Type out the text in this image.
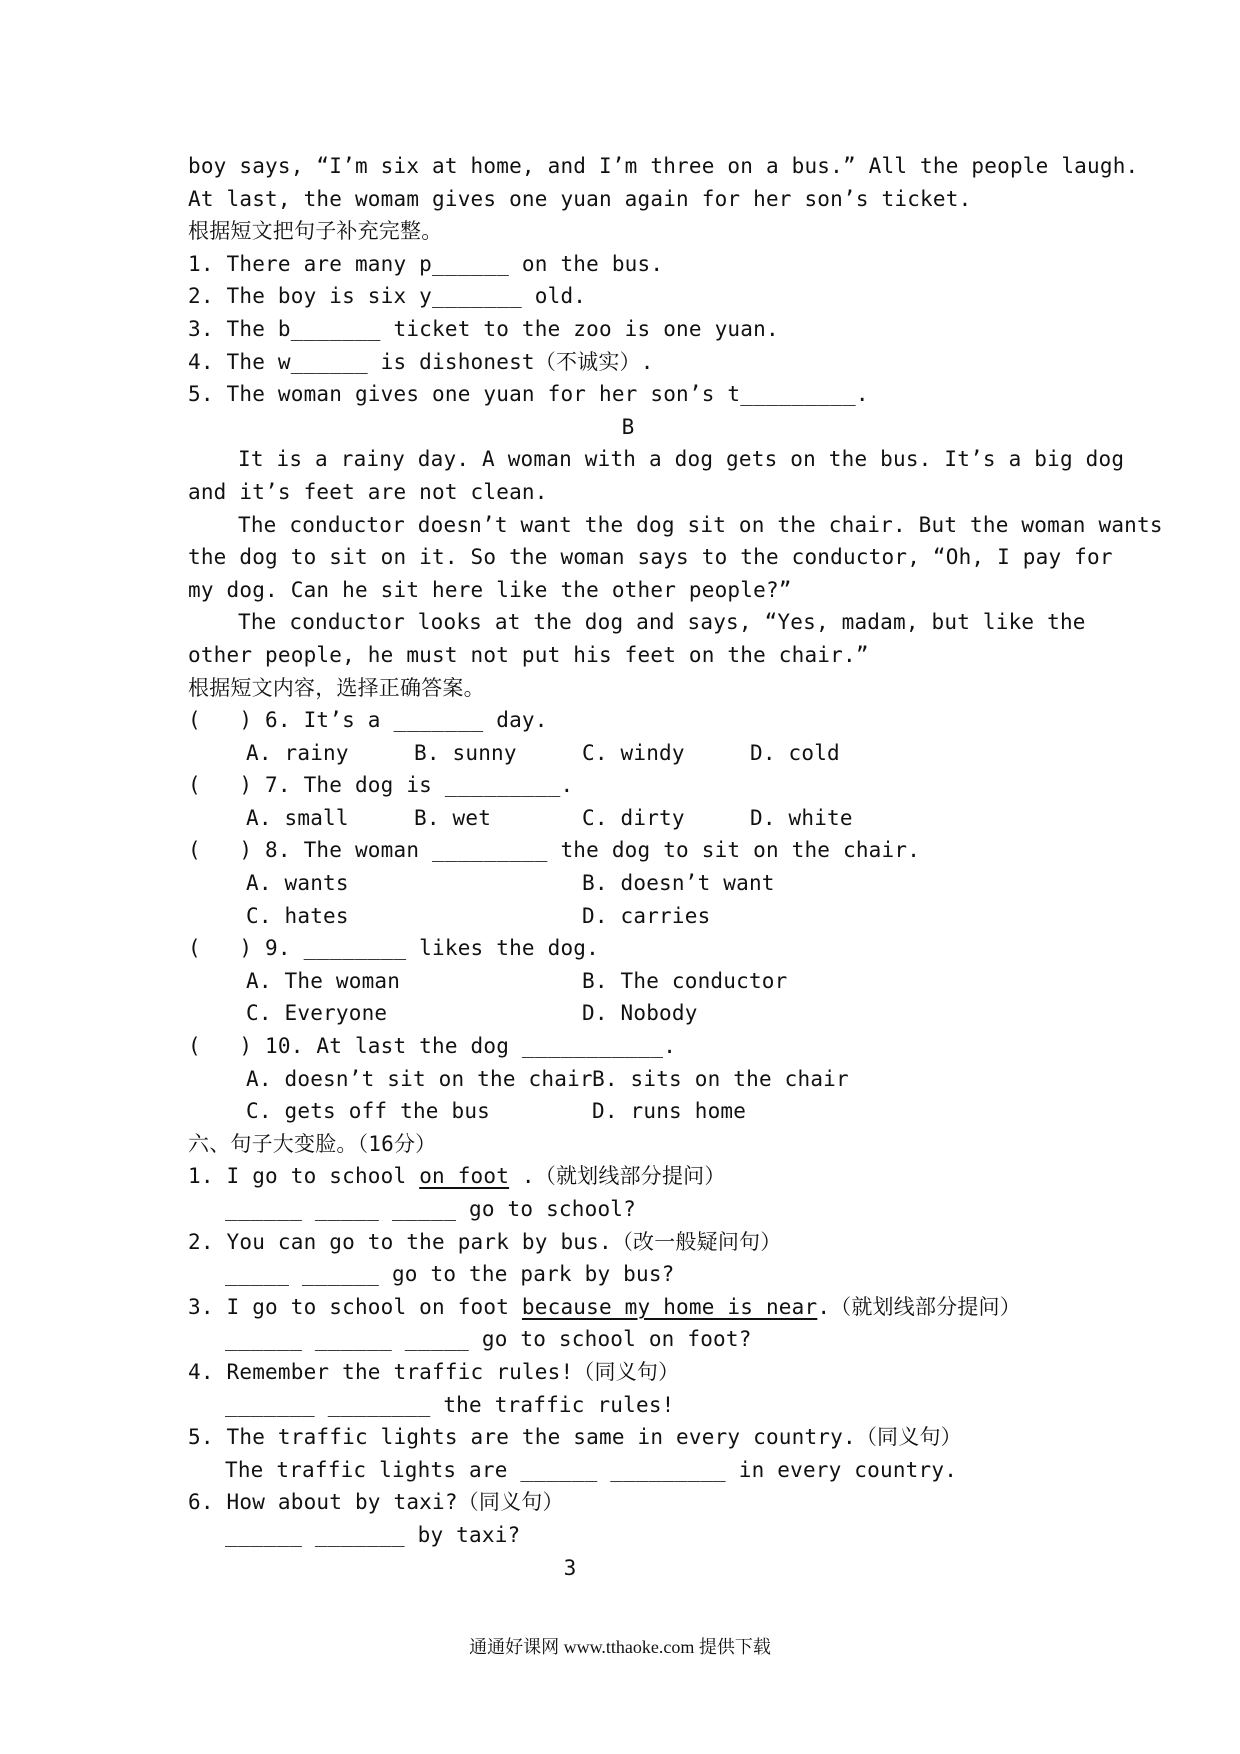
boy says, “I’m six at home, and I’m three on a bus.” All the people laugh.
At last, the womam gives one yuan again for her son’s ticket.
根据短文把句子补充完整。
1. There are many p______ on the bus.
2. The boy is six y_______ old.
3. The b_______ ticket to the zoo is one yuan.
4. The w______ is dishonest（不诚实）.
5. The woman gives one yuan for her son’s t_________.
B
It is a rainy day. A woman with a dog gets on the bus. It’s a big dog
and it’s feet are not clean.
The conductor doesn’t want the dog sit on the chair. But the woman wants
the dog to sit on it. So the woman says to the conductor, “Oh, I pay for
my dog. Can he sit here like the other people?”
The conductor looks at the dog and says, “Yes, madam, but like the
other people, he must not put his feet on the chair.”
根据短文内容，选择正确答案。
(   ) 6. It’s a _______ day.
A. rainy	B. sunny	C. windy	D. cold
(   ) 7. The dog is _________.
A. small	B. wet	C. dirty	D. white
(   ) 8. The woman _________ the dog to sit on the chair.
A. wants	B. doesn’t want
C. hates	D. carries
(   ) 9. ________ likes the dog.
A. The woman	B. The conductor
C. Everyone	D. Nobody
(   ) 10. At last the dog ___________.
A. doesn’t sit on the chair B. sits on the chair
C. gets off the bus	D. runs home
六、句子大变脸。（16分）
1. I go to school on foot .（就划线部分提问）
______ _____ _____ go to school?
2. You can go to the park by bus.（改一般疑问句）
_____ ______ go to the park by bus?
3. I go to school on foot because my home is near.（就划线部分提问）
______ ______ _____ go to school on foot?
4. Remember the traffic rules!（同义句）
_______ ________ the traffic rules!
5. The traffic lights are the same in every country.（同义句）
The traffic lights are ______ _________ in every country.
6. How about by taxi?（同义句）
______ _______ by taxi?
3
通通好课网 www.tthaoke.com 提供下载
